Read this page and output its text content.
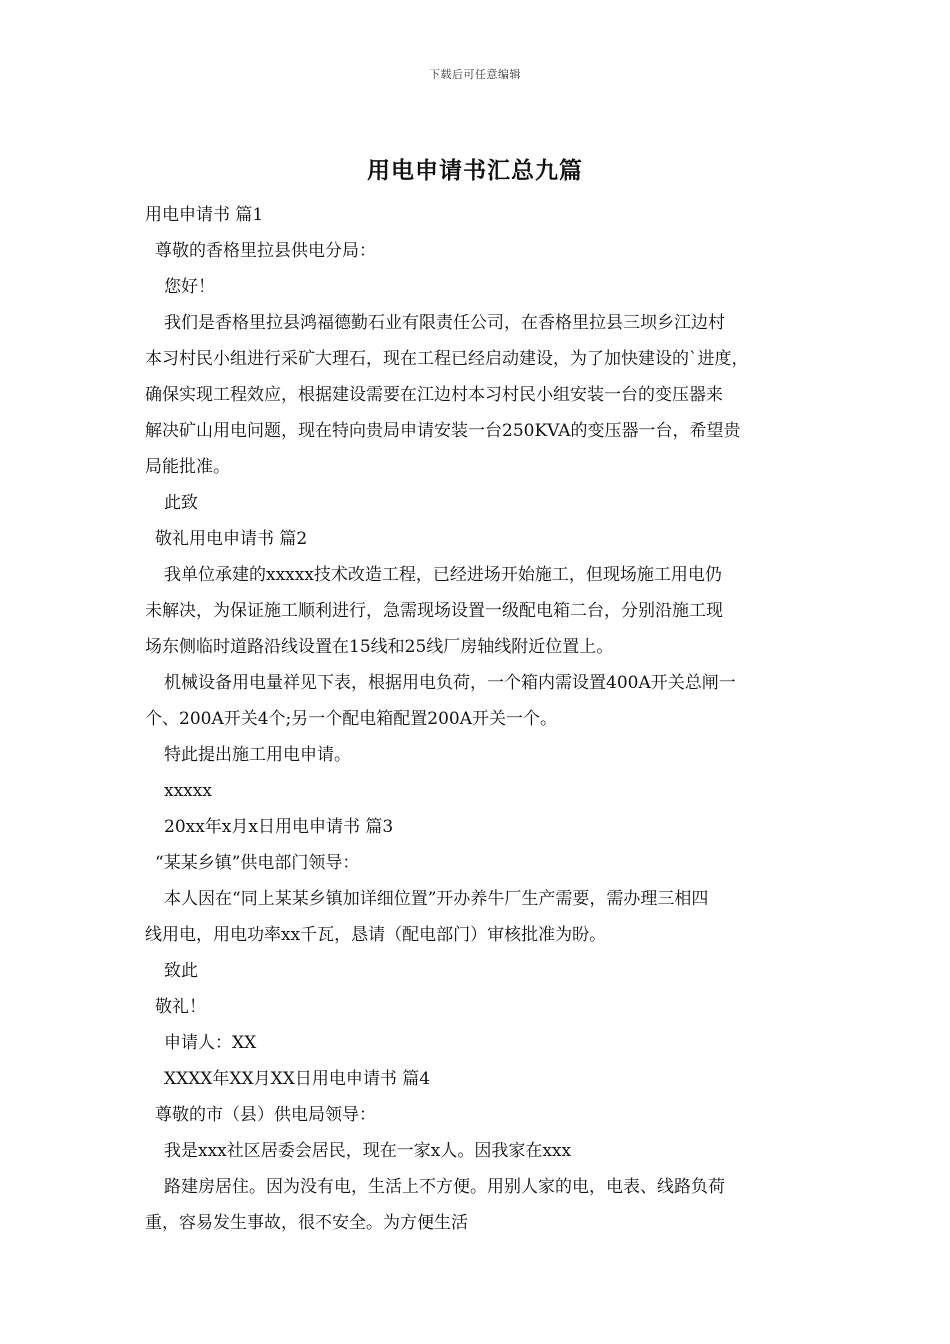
下载后可任意编辑
用电申请书汇总九篇

用电申请书 篇1

尊敬的香格里拉县供电分局：

您好！

我们是香格里拉县鸿福德勤石业有限责任公司，在香格里拉县三坝乡江边村

本习村民小组进行采矿大理石，现在工程已经启动建设，为了加快建设的`进度，

确保实现工程效应，根据建设需要在江边村本习村民小组安装一台的变压器来

解决矿山用电问题，现在特向贵局申请安装一台250KVA的变压器一台，希望贵

局能批准。

此致

敬礼用电申请书 篇2

我单位承建的xxxxx技术改造工程，已经进场开始施工，但现场施工用电仍

未解决，为保证施工顺利进行，急需现场设置一级配电箱二台，分别沿施工现

场东侧临时道路沿线设置在15线和25线厂房轴线附近位置上。

机械设备用电量祥见下表，根据用电负荷，一个箱内需设置400A开关总闸一

个、200A开关4个;另一个配电箱配置200A开关一个。

特此提出施工用电申请。

xxxxx

20xx年x月x日用电申请书 篇3

“某某乡镇”供电部门领导：

本人因在“同上某某乡镇加详细位置”开办养牛厂生产需要，需办理三相四

线用电，用电功率xx千瓦，恳请（配电部门）审核批准为盼。

致此

敬礼！

申请人：XX

XXXX年XX月XX日用电申请书 篇4

尊敬的市（县）供电局领导：

我是xxx社区居委会居民，现在一家x人。因我家在xxx

路建房居住。因为没有电，生活上不方便。用别人家的电，电表、线路负荷

重，容易发生事故，很不安全。为方便生活
